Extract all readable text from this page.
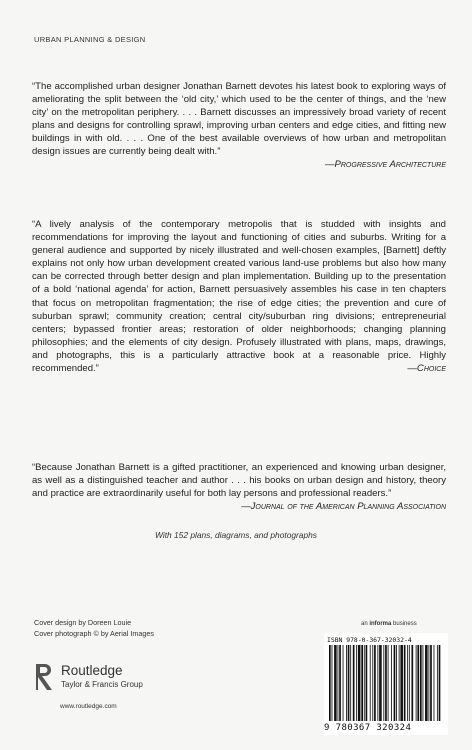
URBAN PLANNING & DESIGN
“The accomplished urban designer Jonathan Barnett devotes his latest book to exploring ways of ameliorating the split between the ‘old city,’ which used to be the center of things, and the ‘new city’ on the metropolitan periphery. . . . Barnett discusses an impressively broad variety of recent plans and designs for controlling sprawl, improving urban centers and edge cities, and fitting new buildings in with old. . . . One of the best available overviews of how urban and metropolitan design issues are currently being dealt with.”
—Progressive Architecture
“A lively analysis of the contemporary metropolis that is studded with insights and recommendations for improving the layout and functioning of cities and suburbs. Writing for a general audience and supported by nicely illustrated and well-chosen examples, [Barnett] deftly explains not only how urban development created various land-use problems but also how many can be corrected through better design and plan implementation. Building up to the presentation of a bold ‘national agenda’ for action, Barnett persuasively assembles his case in ten chapters that focus on metropolitan fragmentation; the rise of edge cities; the prevention and cure of suburban sprawl; community creation; central city/suburban ring divisions; entrepreneurial centers; bypassed frontier areas; restoration of older neighborhoods; changing planning philosophies; and the elements of city design. Profusely illustrated with plans, maps, drawings, and photographs, this is a particularly attractive book at a reasonable price. Highly recommended.”	—Choice
“Because Jonathan Barnett is a gifted practitioner, an experienced and knowing urban designer, as well as a distinguished teacher and author . . . his books on urban design and history, theory and practice are extraordinarily useful for both lay persons and professional readers.”
—Journal of the American Planning Association
With 152 plans, diagrams, and photographs
Cover design by Doreen Louie
Cover photograph © by Aerial Images
Routledge
Taylor & Francis Group
www.routledge.com
an informa business
ISBN 978-0-367-32032-4
9 780367 320324
